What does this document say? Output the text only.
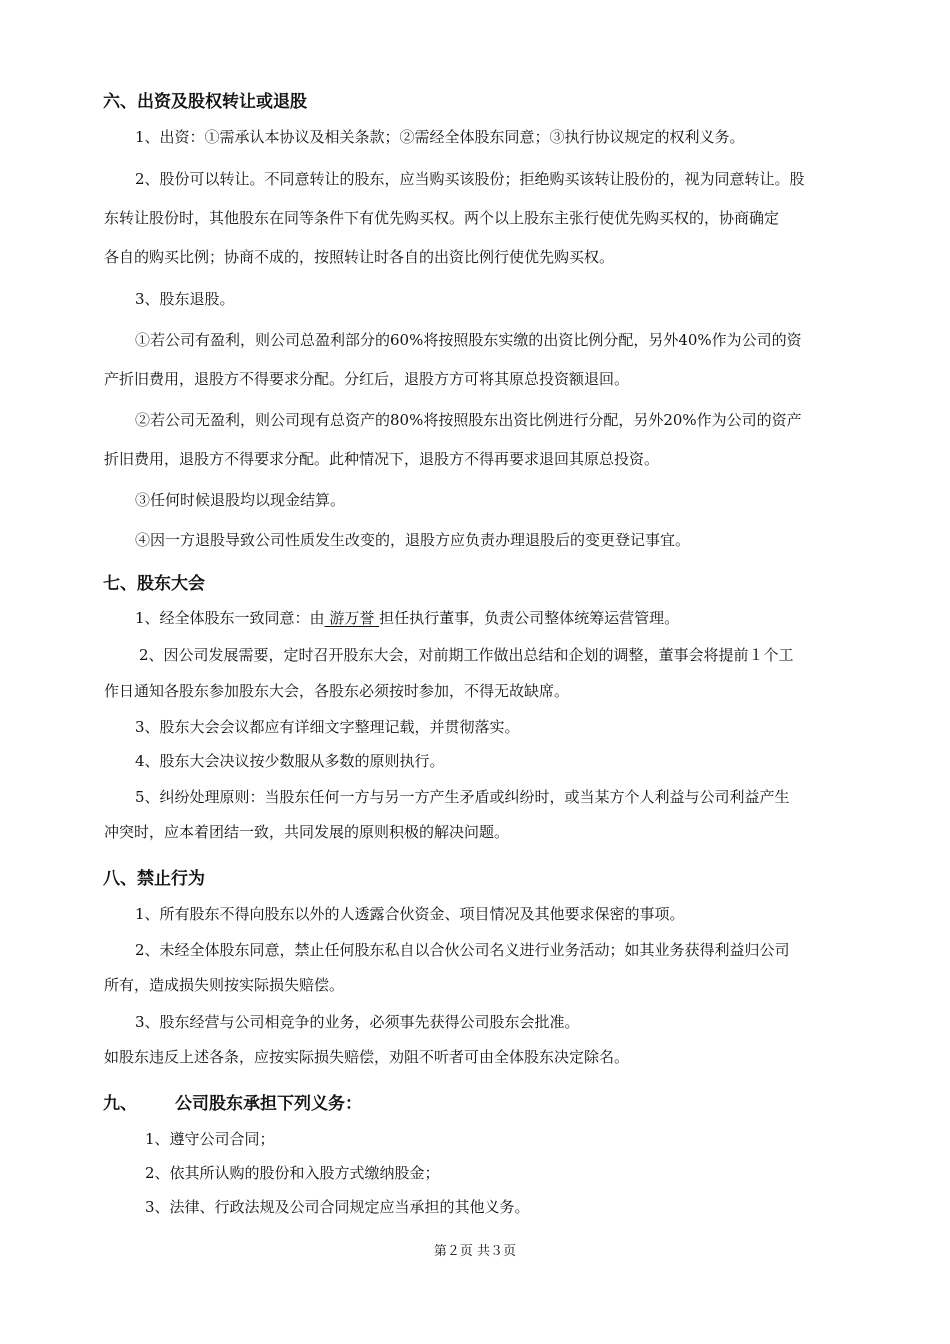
六、出资及股权转让或退股
1、出资：①需承认本协议及相关条款；②需经全体股东同意；③执行协议规定的权利义务。
2、股份可以转让。不同意转让的股东，应当购买该股份；拒绝购买该转让股份的，视为同意转让。股
东转让股份时，其他股东在同等条件下有优先购买权。两个以上股东主张行使优先购买权的，协商确定
各自的购买比例；协商不成的，按照转让时各自的出资比例行使优先购买权。
3、股东退股。
①若公司有盈利，则公司总盈利部分的60%将按照股东实缴的出资比例分配，另外40%作为公司的资
产折旧费用，退股方不得要求分配。分红后，退股方方可将其原总投资额退回。
②若公司无盈利，则公司现有总资产的80%将按照股东出资比例进行分配，另外20%作为公司的资产
折旧费用，退股方不得要求分配。此种情况下，退股方不得再要求退回其原总投资。
③任何时候退股均以现金结算。
④因一方退股导致公司性质发生改变的，退股方应负责办理退股后的变更登记事宜。
七、股东大会
1、经全体股东一致同意：由 游万誉 担任执行董事，负责公司整体统筹运营管理。
2、因公司发展需要，定时召开股东大会，对前期工作做出总结和企划的调整，董事会将提前１个工
作日通知各股东参加股东大会，各股东必须按时参加，不得无故缺席。
3、股东大会会议都应有详细文字整理记载，并贯彻落实。
4、股东大会决议按少数服从多数的原则执行。
5、纠纷处理原则：当股东任何一方与另一方产生矛盾或纠纷时，或当某方个人利益与公司利益产生
冲突时，应本着团结一致，共同发展的原则积极的解决问题。
八、禁止行为
1、所有股东不得向股东以外的人透露合伙资金、项目情况及其他要求保密的事项。
2、未经全体股东同意，禁止任何股东私自以合伙公司名义进行业务活动；如其业务获得利益归公司
所有，造成损失则按实际损失赔偿。
3、股东经营与公司相竞争的业务，必须事先获得公司股东会批准。
如股东违反上述各条，应按实际损失赔偿，劝阻不听者可由全体股东决定除名。
九、 公司股东承担下列义务：
1、遵守公司合同；
2、依其所认购的股份和入股方式缴纳股金；
3、法律、行政法规及公司合同规定应当承担的其他义务。
第２页 共３页
